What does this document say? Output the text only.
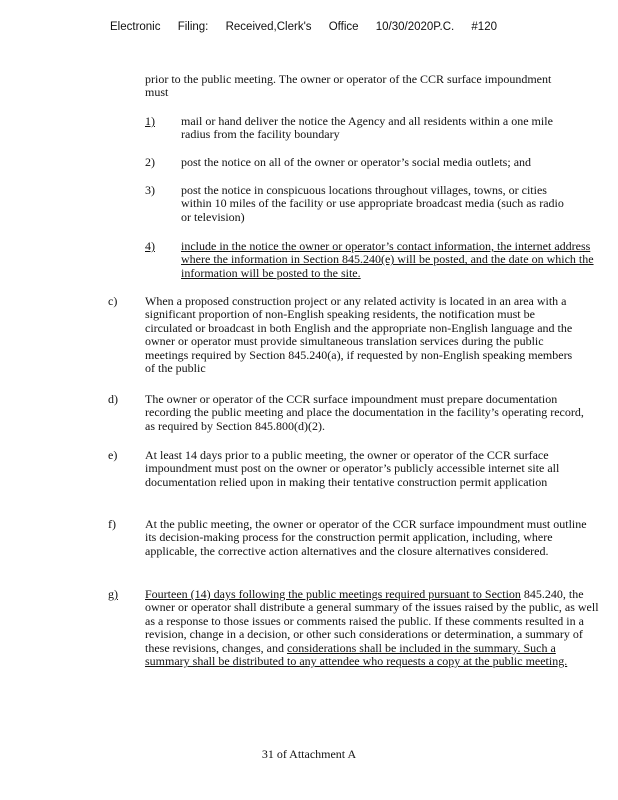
Electronic Filing: Received,Clerk's Office 10/30/2020P.C. #120
prior to the public meeting. The owner or operator of the CCR surface impoundment must
1) mail or hand deliver the notice the Agency and all residents within a one mile radius from the facility boundary
2) post the notice on all of the owner or operator’s social media outlets; and
3) post the notice in conspicuous locations throughout villages, towns, or cities within 10 miles of the facility or use appropriate broadcast media (such as radio or television)
4) include in the notice the owner or operator’s contact information, the internet address where the information in Section 845.240(e) will be posted, and the date on which the information will be posted to the site.
c) When a proposed construction project or any related activity is located in an area with a significant proportion of non-English speaking residents, the notification must be circulated or broadcast in both English and the appropriate non-English language and the owner or operator must provide simultaneous translation services during the public meetings required by Section 845.240(a), if requested by non-English speaking members of the public
d) The owner or operator of the CCR surface impoundment must prepare documentation recording the public meeting and place the documentation in the facility’s operating record, as required by Section 845.800(d)(2).
e) At least 14 days prior to a public meeting, the owner or operator of the CCR surface impoundment must post on the owner or operator’s publicly accessible internet site all documentation relied upon in making their tentative construction permit application
f) At the public meeting, the owner or operator of the CCR surface impoundment must outline its decision-making process for the construction permit application, including, where applicable, the corrective action alternatives and the closure alternatives considered.
g) Fourteen (14) days following the public meetings required pursuant to Section 845.240, the owner or operator shall distribute a general summary of the issues raised by the public, as well as a response to those issues or comments raised the public. If these comments resulted in a revision, change in a decision, or other such considerations or determination, a summary of these revisions, changes, and considerations shall be included in the summary. Such a summary shall be distributed to any attendee who requests a copy at the public meeting.
31 of Attachment A
